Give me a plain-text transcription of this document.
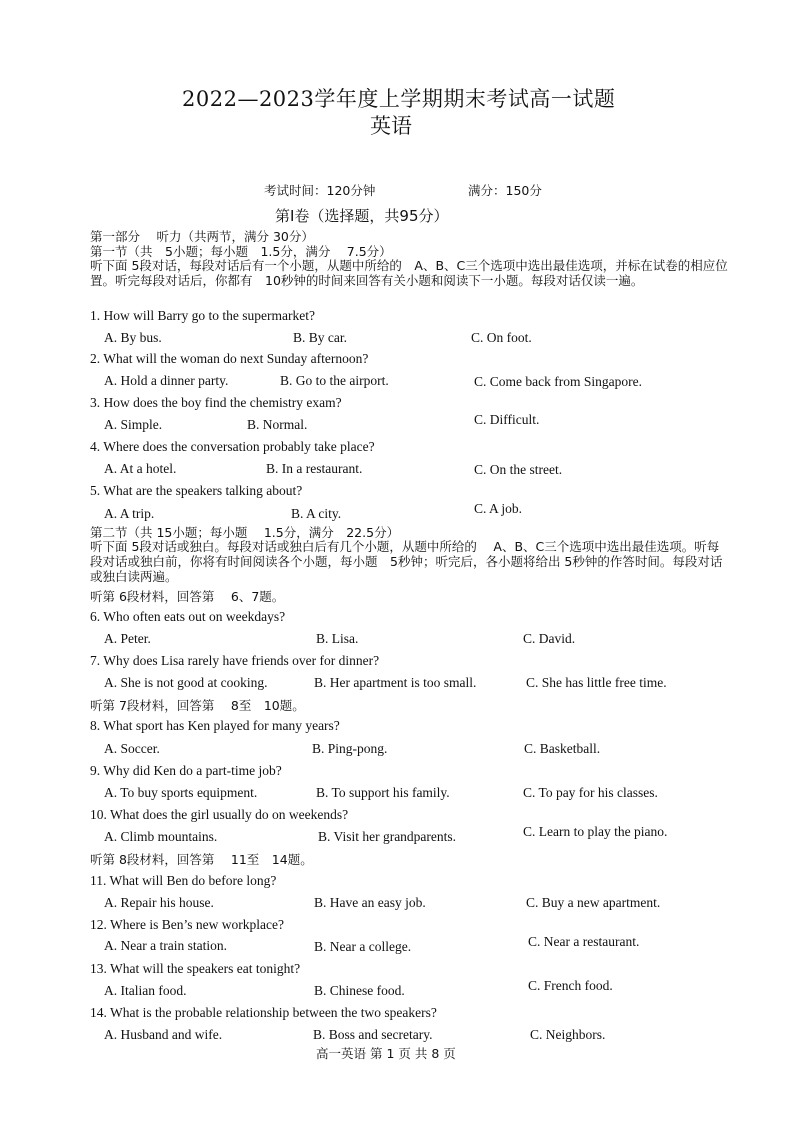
2022—2023学年度上学期期末考试高一试题
英语
考试时间：120分钟	满分：150分
第Ⅰ卷（选择题，共95分）
第一部分　 听力（共两节，满分 30分）
第一节（共　5小题；每小题　1.5分，满分　 7.5分）
听下面 5段对话，每段对话后有一个小题，从题中所给的　A、B、C三个选项中选出最佳选项，并标在试卷的相应位置。听完每段对话后，你都有　10秒钟的时间来回答有关小题和阅读下一小题。每段对话仅读一遍。
1. How will Barry go to the supermarket?
A. By bus.	B. By car.	C. On foot.
2. What will the woman do next Sunday afternoon?
A. Hold a dinner party.	B. Go to the airport.	C. Come back from Singapore.
3. How does the boy find the chemistry exam?
A. Simple.	B. Normal.	C. Difficult.
4. Where does the conversation probably take place?
A. At a hotel.	B. In a restaurant.	C. On the street.
5. What are the speakers talking about?
A. A trip.	B. A city.	C. A job.
第二节（共 15小题；每小题　 1.5分，满分　22.5分）
听下面 5段对话或独白。每段对话或独白后有几个小题，从题中所给的　 A、B、C三个选项中选出最佳选项。听每段对话或独白前，你将有时间阅读各个小题，每小题　5秒钟；听完后，各小题将给出 5秒钟的作答时间。每段对话或独白读两遍。
听第 6段材料，回答第　 6、7题。
6. Who often eats out on weekdays?
A. Peter.	B. Lisa.	C. David.
7. Why does Lisa rarely have friends over for dinner?
A. She is not good at cooking.	B. Her apartment is too small.	C. She has little free time.
听第 7段材料，回答第　 8至　10题。
8. What sport has Ken played for many years?
A. Soccer.	B. Ping-pong.	C. Basketball.
9. Why did Ken do a part-time job?
A. To buy sports equipment.	B. To support his family.	C. To pay for his classes.
10. What does the girl usually do on weekends?
A. Climb mountains.	B. Visit her grandparents.	C. Learn to play the piano.
听第 8段材料，回答第　 11至　14题。
11. What will Ben do before long?
A. Repair his house.	B. Have an easy job.	C. Buy a new apartment.
12. Where is Ben’s new workplace?
A. Near a train station.	B. Near a college.	C. Near a restaurant.
13. What will the speakers eat tonight?
A. Italian food.	B. Chinese food.	C. French food.
14. What is the probable relationship between the two speakers?
A. Husband and wife.	B. Boss and secretary.	C. Neighbors.
高一英语 第 1 页 共 8 页
